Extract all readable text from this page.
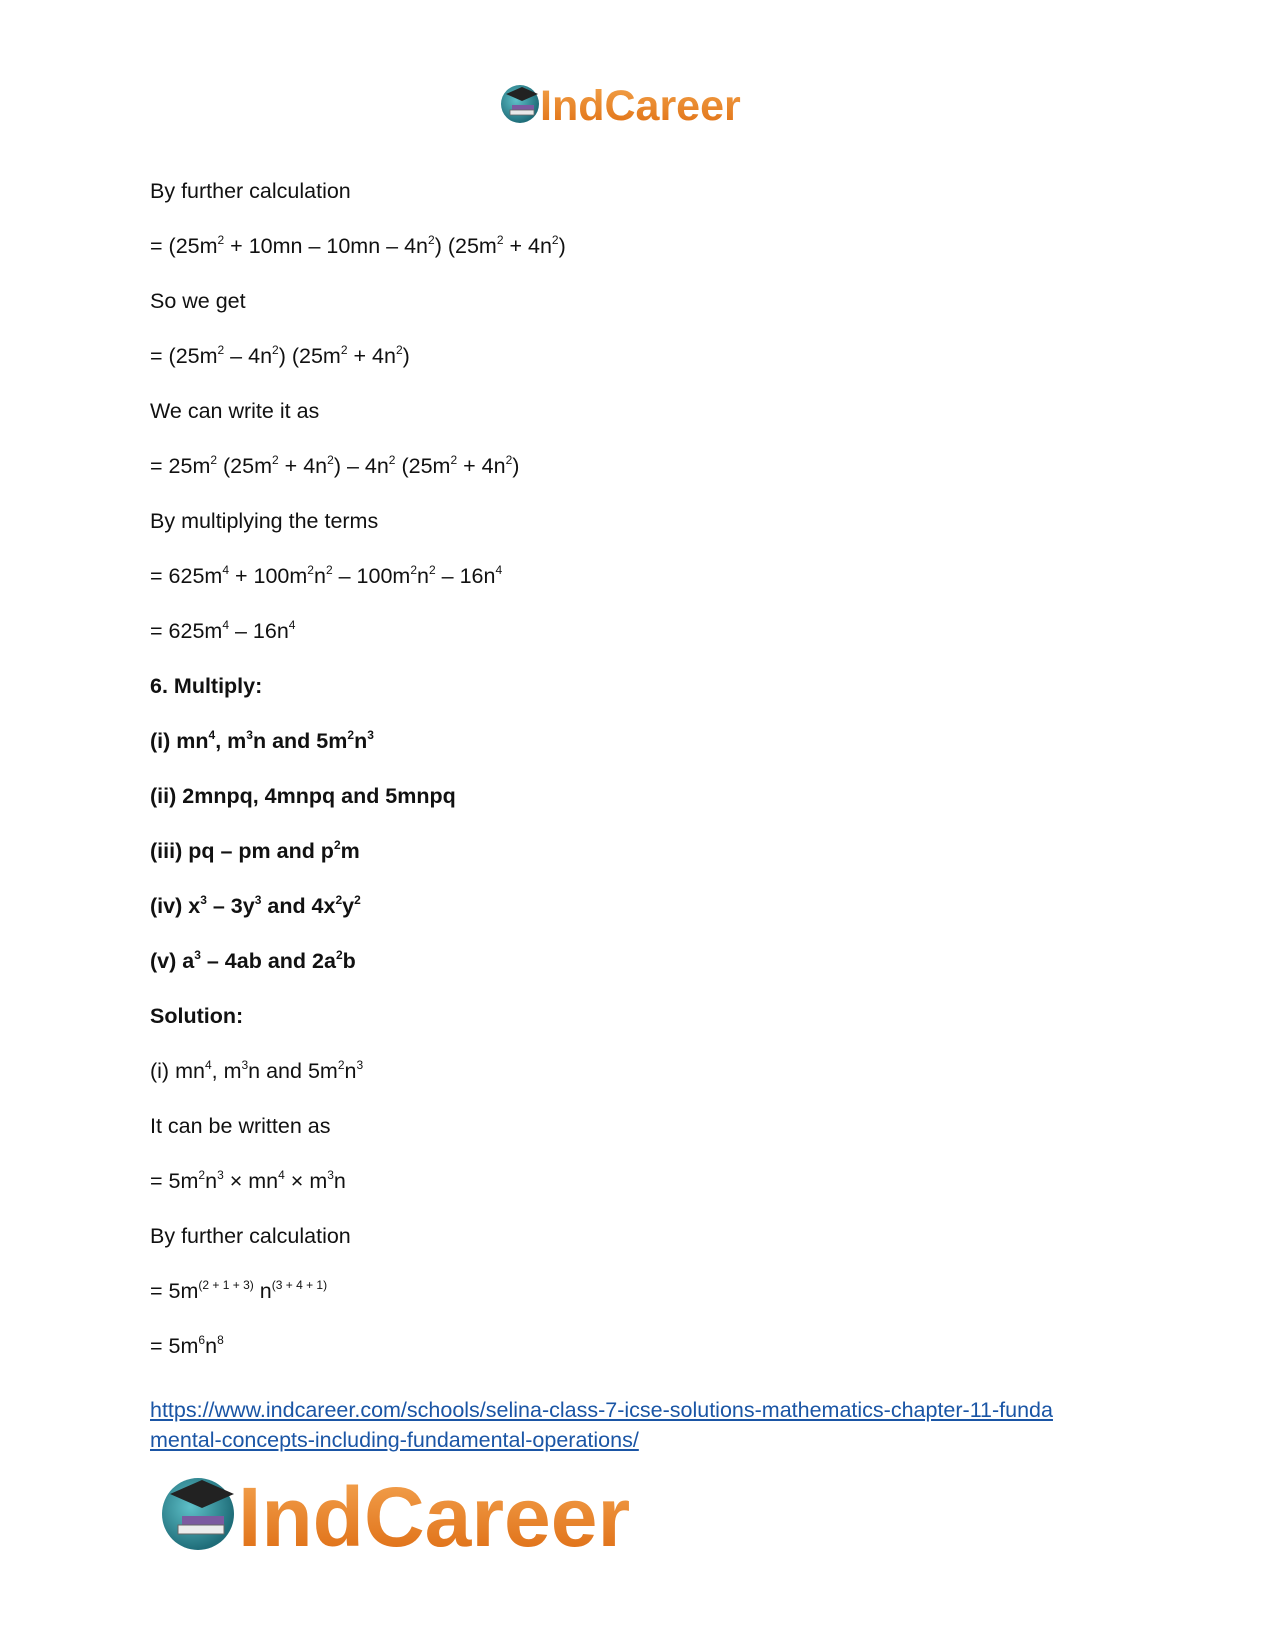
IndCareer

By further calculation

= $(25m^2 + 10mn - 10mn - 4n^2) (25m^2 + 4n^2)$

So we get

= $(25m^2 - 4n^2) (25m^2 + 4n^2)$

We can write it as

= $25m^2$ $(25m^2 + 4n^2) - 4n^2$ $(25m^2 + 4n^2)$

By multiplying the terms

= $625m^4 + 100m^2n^2 - 100m^2n^2 - 16n^4$

= $625m^4 - 16n^4$

6. Multiply:

(i) $mn^4$, $m^3n$ and $5m^2n^3$

(ii) 2mnpq, 4mnpq and 5mnpq

(iii) pq – pm and $p^2m$

(iv) $x^3 - 3y^3$ and $4x^2y^2$

(v) $a^3 - 4ab$ and $2a^2b$

Solution:

(i) $mn^4$, $m^3n$ and $5m^2n^3$

It can be written as

= $5m^2n^3 \times mn^4 \times m^3n$

By further calculation

= $5m^{(2 + 1 + 3)}$ $n^{(3 + 4 + 1)}$

= $5m^6n^8$

https://www.indcareer.com/schools/selina-class-7-icse-solutions-mathematics-chapter-11-funda
mental-concepts-including-fundamental-operations/
IndCareer
